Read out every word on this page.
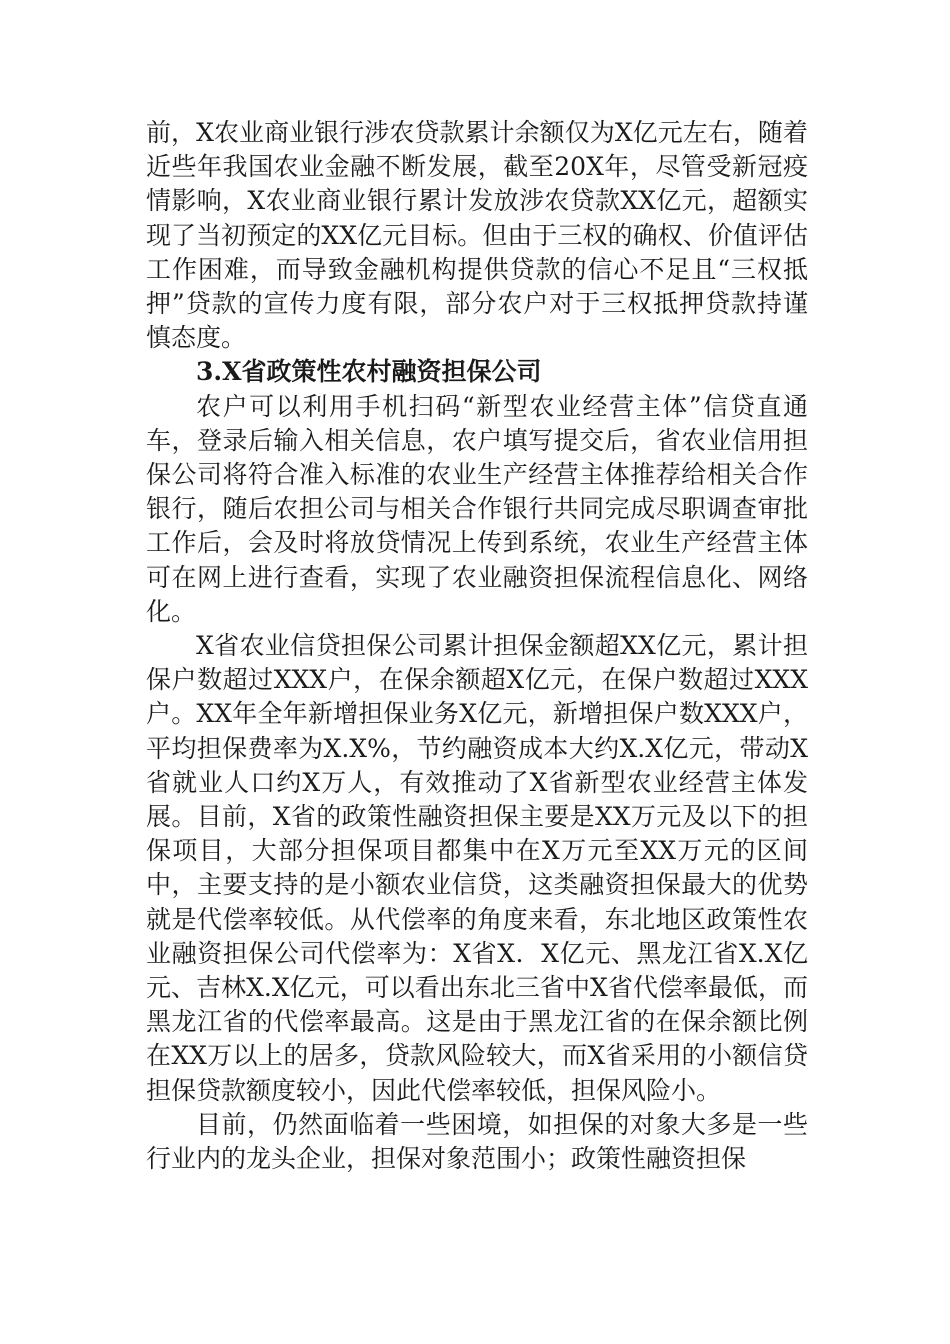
前，X农业商业银行涉农贷款累计余额仅为X亿元左右，随着近些年我国农业金融不断发展，截至20X年，尽管受新冠疫情影响，X农业商业银行累计发放涉农贷款XX亿元，超额实现了当初预定的XX亿元目标。但由于三权的确权、价值评估工作困难，而导致金融机构提供贷款的信心不足且“三权抵押”贷款的宣传力度有限，部分农户对于三权抵押贷款持谨慎态度。

3.X省政策性农村融资担保公司

农户可以利用手机扫码“新型农业经营主体”信贷直通车，登录后输入相关信息，农户填写提交后，省农业信用担保公司将符合准入标准的农业生产经营主体推荐给相关合作银行，随后农担公司与相关合作银行共同完成尽职调查审批工作后，会及时将放贷情况上传到系统，农业生产经营主体可在网上进行查看，实现了农业融资担保流程信息化、网络化。

X省农业信贷担保公司累计担保金额超XX亿元，累计担保户数超过XXX户，在保余额超X亿元，在保户数超过XXX户。XX年全年新增担保业务X亿元，新增担保户数XXX户，平均担保费率为X.X%，节约融资成本大约X.X亿元，带动X省就业人口约X万人，有效推动了X省新型农业经营主体发展。目前，X省的政策性融资担保主要是XX万元及以下的担保项目，大部分担保项目都集中在X万元至XX万元的区间中，主要支持的是小额农业信贷，这类融资担保最大的优势就是代偿率较低。从代偿率的角度来看，东北地区政策性农业融资担保公司代偿率为：X省X．X亿元、黑龙江省X.X亿元、吉林X.X亿元，可以看出东北三省中X省代偿率最低，而黑龙江省的代偿率最高。这是由于黑龙江省的在保余额比例在XX万以上的居多，贷款风险较大，而X省采用的小额信贷担保贷款额度较小，因此代偿率较低，担保风险小。

目前，仍然面临着一些困境，如担保的对象大多是一些行业内的龙头企业，担保对象范围小；政策性融资担保
